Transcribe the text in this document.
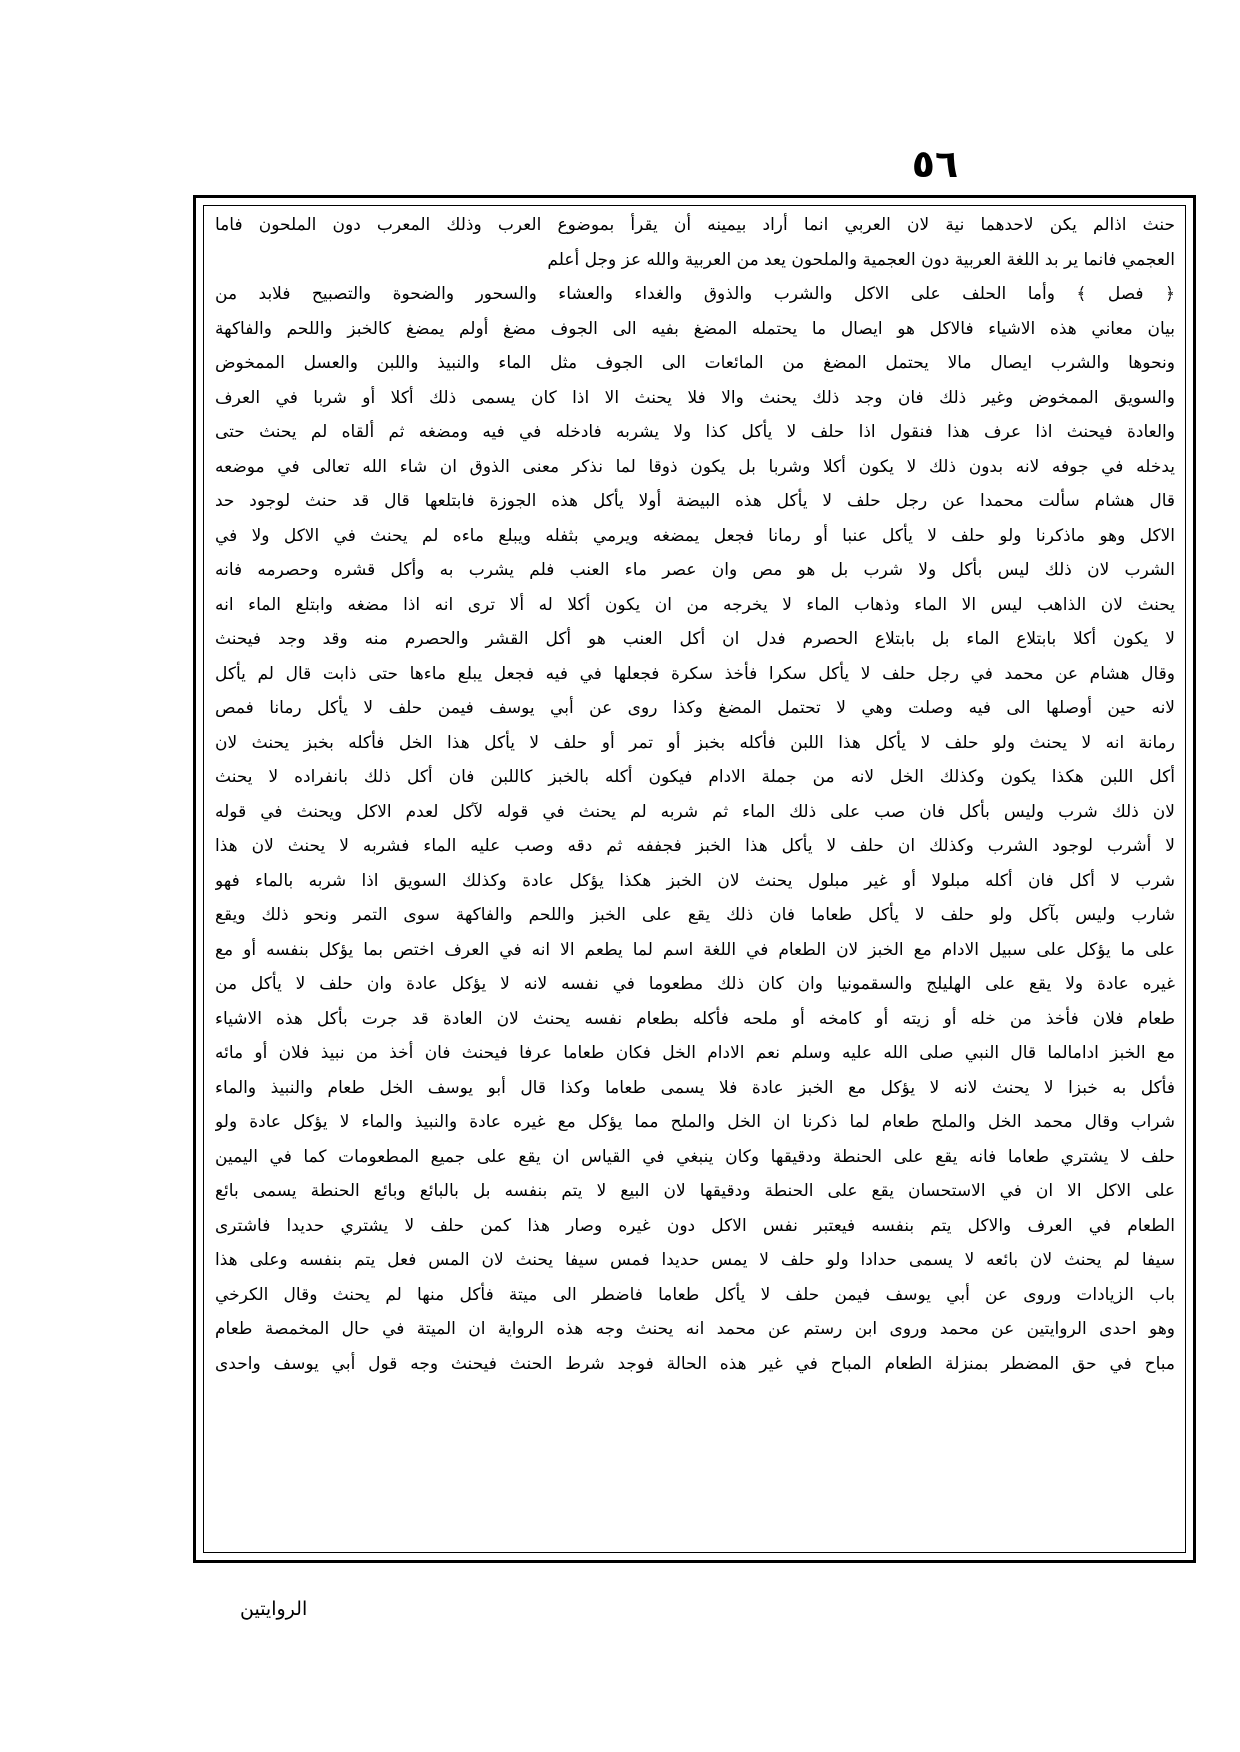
٥٦
حنث اذالم يكن لاحدهما نية لان العربي انما أراد بيمينه أن يقرأ بموضوع العرب وذلك المعرب دون الملحون فاما
العجمي فانما ير بد اللغة العربية دون العجمية والملحون يعد من العربية والله عز وجل أعلم
﴿ فصل ﴾ وأما الحلف على الاكل والشرب والذوق والغداء والعشاء والسحور والضحوة والتصبيح فلابد من
بيان معاني هذه الاشياء فالاكل هو ايصال ما يحتمله المضغ بفيه الى الجوف مضغ أولم يمضغ كالخبز واللحم والفاكهة
ونحوها والشرب ايصال مالا يحتمل المضغ من المائعات الى الجوف مثل الماء والنبيذ واللبن والعسل الممخوض
والسويق الممخوض وغير ذلك فان وجد ذلك يحنث والا فلا يحنث الا اذا كان يسمى ذلك أكلا أو شربا في العرف
والعادة فيحنث اذا عرف هذا فنقول اذا حلف لا يأكل كذا ولا يشربه فادخله في فيه ومضغه ثم ألقاه لم يحنث حتى
يدخله في جوفه لانه بدون ذلك لا يكون أكلا وشربا بل يكون ذوقا لما نذكر معنى الذوق ان شاء الله تعالى في موضعه
قال هشام سألت محمدا عن رجل حلف لا يأكل هذه البيضة أولا يأكل هذه الجوزة فابتلعها قال قد حنث لوجود حد
الاكل وهو ماذكرنا ولو حلف لا يأكل عنبا أو رمانا فجعل يمضغه ويرمي بثفله ويبلع ماءه لم يحنث في الاكل ولا في
الشرب لان ذلك ليس بأكل ولا شرب بل هو مص وان عصر ماء العنب فلم يشرب به وأكل قشره وحصرمه فانه
يحنث لان الذاهب ليس الا الماء وذهاب الماء لا يخرجه من ان يكون أكلا له ألا ترى انه اذا مضغه وابتلع الماء انه
لا يكون أكلا بابتلاع الماء بل بابتلاع الحصرم فدل ان أكل العنب هو أكل القشر والحصرم منه وقد وجد فيحنث
وقال هشام عن محمد في رجل حلف لا يأكل سكرا فأخذ سكرة فجعلها في فيه فجعل يبلع ماءها حتى ذابت قال لم يأكل
لانه حين أوصلها الى فيه وصلت وهي لا تحتمل المضغ وكذا روى عن أبي يوسف فيمن حلف لا يأكل رمانا فمص
رمانة انه لا يحنث ولو حلف لا يأكل هذا اللبن فأكله بخبز أو تمر أو حلف لا يأكل هذا الخل فأكله بخبز يحنث لان
أكل اللبن هكذا يكون وكذلك الخل لانه من جملة الادام فيكون أكله بالخبز كاللبن فان أكل ذلك بانفراده لا يحنث
لان ذلك شرب وليس بأكل فان صب على ذلك الماء ثم شربه لم يحنث في قوله لآكل لعدم الاكل ويحنث في قوله
لا أشرب لوجود الشرب وكذلك ان حلف لا يأكل هذا الخبز فجففه ثم دقه وصب عليه الماء فشربه لا يحنث لان هذا
شرب لا أكل فان أكله مبلولا أو غير مبلول يحنث لان الخبز هكذا يؤكل عادة وكذلك السويق اذا شربه بالماء فهو
شارب وليس بآكل ولو حلف لا يأكل طعاما فان ذلك يقع على الخبز واللحم والفاكهة سوى التمر ونحو ذلك ويقع
على ما يؤكل على سبيل الادام مع الخبز لان الطعام في اللغة اسم لما يطعم الا انه في العرف اختص بما يؤكل بنفسه أو مع
غيره عادة ولا يقع على الهليلج والسقمونيا وان كان ذلك مطعوما في نفسه لانه لا يؤكل عادة وان حلف لا يأكل من
طعام فلان فأخذ من خله أو زيته أو كامخه أو ملحه فأكله بطعام نفسه يحنث لان العادة قد جرت بأكل هذه الاشياء
مع الخبز ادامالما قال النبي صلى الله عليه وسلم نعم الادام الخل فكان طعاما عرفا فيحنث فان أخذ من نبيذ فلان أو مائه
فأكل به خبزا لا يحنث لانه لا يؤكل مع الخبز عادة فلا يسمى طعاما وكذا قال أبو يوسف الخل طعام والنبيذ والماء
شراب وقال محمد الخل والملح طعام لما ذكرنا ان الخل والملح مما يؤكل مع غيره عادة والنبيذ والماء لا يؤكل عادة ولو
حلف لا يشتري طعاما فانه يقع على الحنطة ودقيقها وكان ينبغي في القياس ان يقع على جميع المطعومات كما في اليمين
على الاكل الا ان في الاستحسان يقع على الحنطة ودقيقها لان البيع لا يتم بنفسه بل بالبائع وبائع الحنطة يسمى بائع
الطعام في العرف والاكل يتم بنفسه فيعتبر نفس الاكل دون غيره وصار هذا كمن حلف لا يشتري حديدا فاشترى
سيفا لم يحنث لان بائعه لا يسمى حدادا ولو حلف لا يمس حديدا فمس سيفا يحنث لان المس فعل يتم بنفسه وعلى هذا
باب الزيادات وروى عن أبي يوسف فيمن حلف لا يأكل طعاما فاضطر الى ميتة فأكل منها لم يحنث وقال الكرخي
وهو احدى الروايتين عن محمد وروى ابن رستم عن محمد انه يحنث وجه هذه الرواية ان الميتة في حال المخمصة طعام
مباح في حق المضطر بمنزلة الطعام المباح في غير هذه الحالة فوجد شرط الحنث فيحنث وجه قول أبي يوسف واحدى
الروايتين
